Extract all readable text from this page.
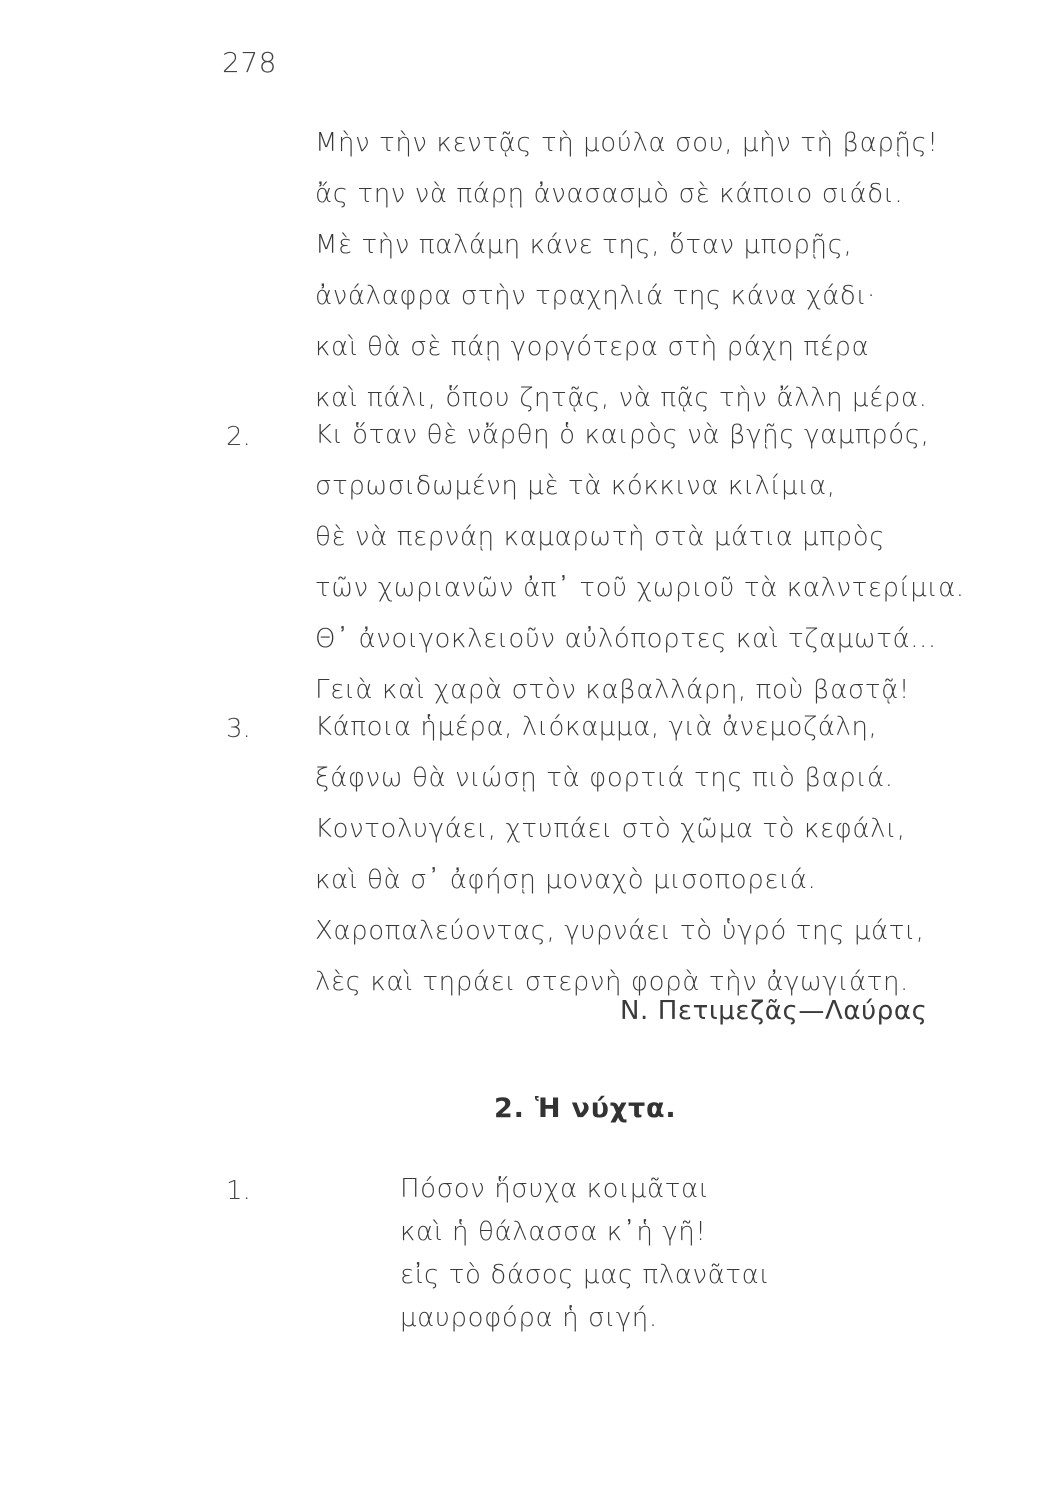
278
Μὴν τὴν κεντᾷς τὴ μούλα σου, μὴν τὴ βαρῇς!
ἄς την νὰ πάρῃ ἀνασασμὸ σὲ κάποιο σιάδι.
Μὲ τὴν παλάμη κάνε της, ὅταν μπορῇς,
ἀνάλαφρα στὴν τραχηλιά της κάνα χάδι·
καὶ θὰ σὲ πάῃ γοργότερα στὴ ράχη πέρα
καὶ πάλι, ὅπου ζητᾷς, νὰ πᾷς τὴν ἄλλη μέρα.
2. Κι ὅταν θὲ νἄρθη ὁ καιρὸς νὰ βγῇς γαμπρός,
στρωσιδωμένη μὲ τὰ κόκκινα κιλίμια,
θὲ νὰ περνάῃ καμαρωτὴ στὰ μάτια μπρὸς
τῶν χωριανῶν ἀπ᾽ τοῦ χωριοῦ τὰ καλντερίμια.
Θ᾽ ἀνοιγοκλειοῦν αὐλόπορτες καὶ τζαμωτά...
Γειὰ καὶ χαρὰ στὸν καβαλλάρη, ποὺ βαστᾷ!
3. Κάποια ἡμέρα, λιόκαμμα, γιὰ ἀνεμοζάλη,
ξάφνω θὰ νιώσῃ τὰ φορτιά της πιὸ βαριά.
Κοντολυγάει, χτυπάει στὸ χῶμα τὸ κεφάλι,
καὶ θὰ σ᾽ ἀφήσῃ μοναχὸ μισοπορειά.
Χαροπαλεύοντας, γυρνάει τὸ ὑγρό της μάτι,
λὲς καὶ τηράει στερνὴ φορὰ τὴν ἀγωγιάτη.
Ν. Πετιμεζᾶς—Λαύρας
2. Ἡ νύχτα.
1.	Πόσον ἥσυχα κοιμᾶται
καὶ ἡ θάλασσα κ᾽ἡ γῆ!
εἰς τὸ δάσος μας πλανᾶται
μαυροφόρα ἡ σιγή.
